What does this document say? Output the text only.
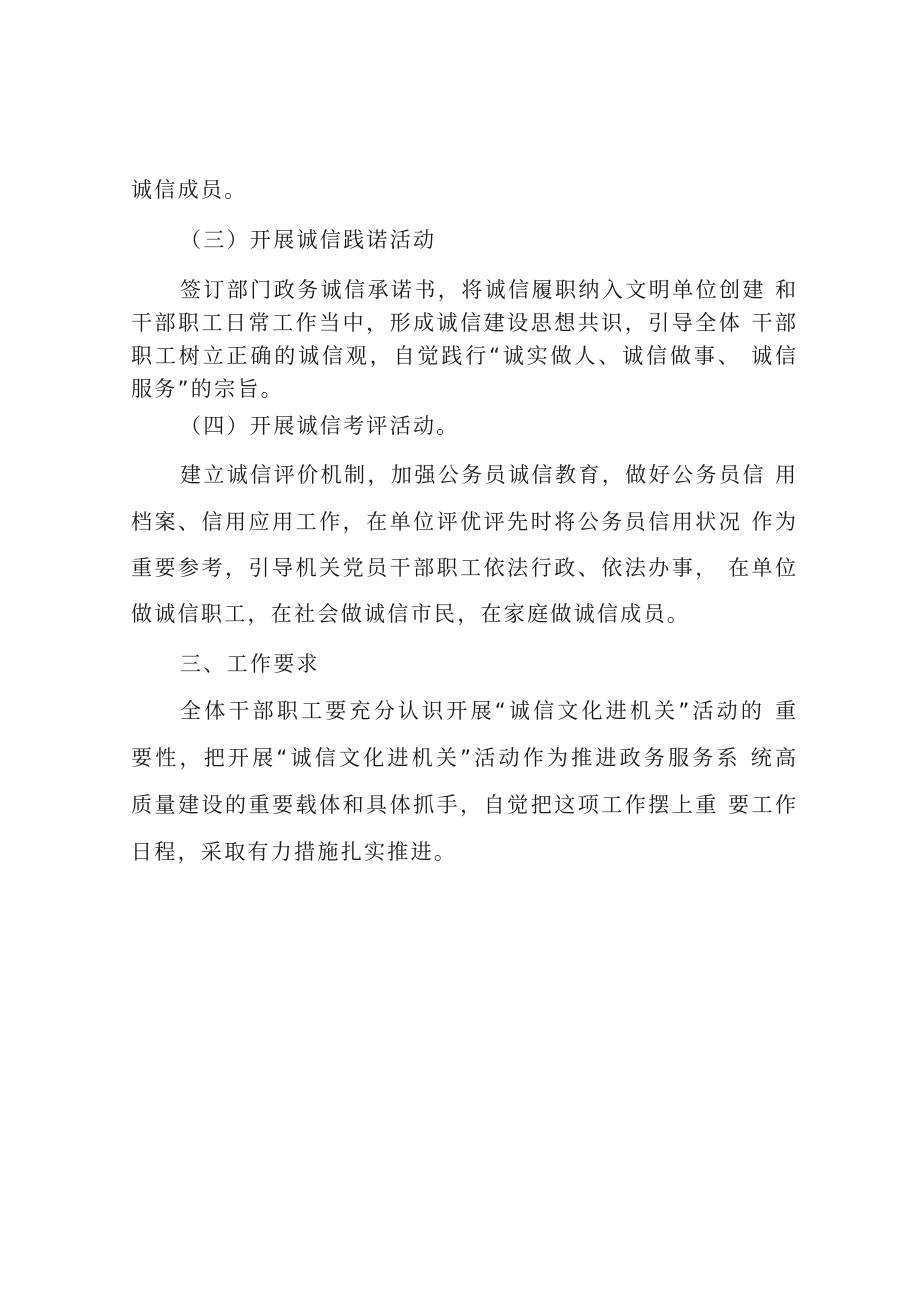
诚信成员。
（三）开展诚信践诺活动
签订部门政务诚信承诺书，将诚信履职纳入文明单位创建 和
干部职工日常工作当中，形成诚信建设思想共识，引导全体 干部
职工树立正确的诚信观，自觉践行“诚实做人、诚信做事、 诚信
服务”的宗旨。
（四）开展诚信考评活动。
建立诚信评价机制，加强公务员诚信教育，做好公务员信 用
档案、信用应用工作，在单位评优评先时将公务员信用状况 作为
重要参考，引导机关党员干部职工依法行政、依法办事， 在单位
做诚信职工，在社会做诚信市民，在家庭做诚信成员。
三、工作要求
全体干部职工要充分认识开展“诚信文化进机关”活动的 重
要性，把开展“诚信文化进机关”活动作为推进政务服务系 统高
质量建设的重要载体和具体抓手，自觉把这项工作摆上重 要工作
日程，采取有力措施扎实推进。
